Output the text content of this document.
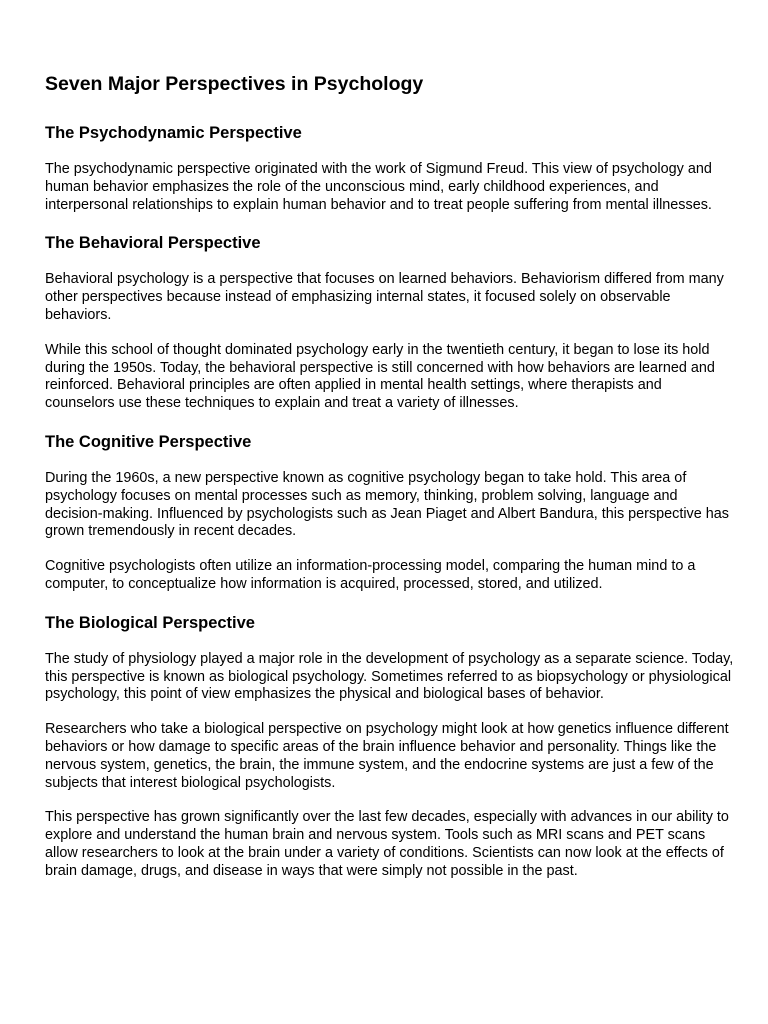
Seven Major Perspectives in Psychology
The Psychodynamic Perspective

The psychodynamic perspective originated with the work of Sigmund Freud. This view of psychology and human behavior emphasizes the role of the unconscious mind, early childhood experiences, and interpersonal relationships to explain human behavior and to treat people suffering from mental illnesses.

The Behavioral Perspective

Behavioral psychology is a perspective that focuses on learned behaviors. Behaviorism differed from many other perspectives because instead of emphasizing internal states, it focused solely on observable behaviors.

While this school of thought dominated psychology early in the twentieth century, it began to lose its hold during the 1950s. Today, the behavioral perspective is still concerned with how behaviors are learned and reinforced. Behavioral principles are often applied in mental health settings, where therapists and counselors use these techniques to explain and treat a variety of illnesses.

The Cognitive Perspective

During the 1960s, a new perspective known as cognitive psychology began to take hold. This area of psychology focuses on mental processes such as memory, thinking, problem solving, language and decision-making. Influenced by psychologists such as Jean Piaget and Albert Bandura, this perspective has grown tremendously in recent decades.

Cognitive psychologists often utilize an information-processing model, comparing the human mind to a computer, to conceptualize how information is acquired, processed, stored, and utilized.

The Biological Perspective

The study of physiology played a major role in the development of psychology as a separate science. Today, this perspective is known as biological psychology. Sometimes referred to as biopsychology or physiological psychology, this point of view emphasizes the physical and biological bases of behavior.

Researchers who take a biological perspective on psychology might look at how genetics influence different behaviors or how damage to specific areas of the brain influence behavior and personality. Things like the nervous system, genetics, the brain, the immune system, and the endocrine systems are just a few of the subjects that interest biological psychologists.

This perspective has grown significantly over the last few decades, especially with advances in our ability to explore and understand the human brain and nervous system. Tools such as MRI scans and PET scans allow researchers to look at the brain under a variety of conditions. Scientists can now look at the effects of brain damage, drugs, and disease in ways that were simply not possible in the past.
